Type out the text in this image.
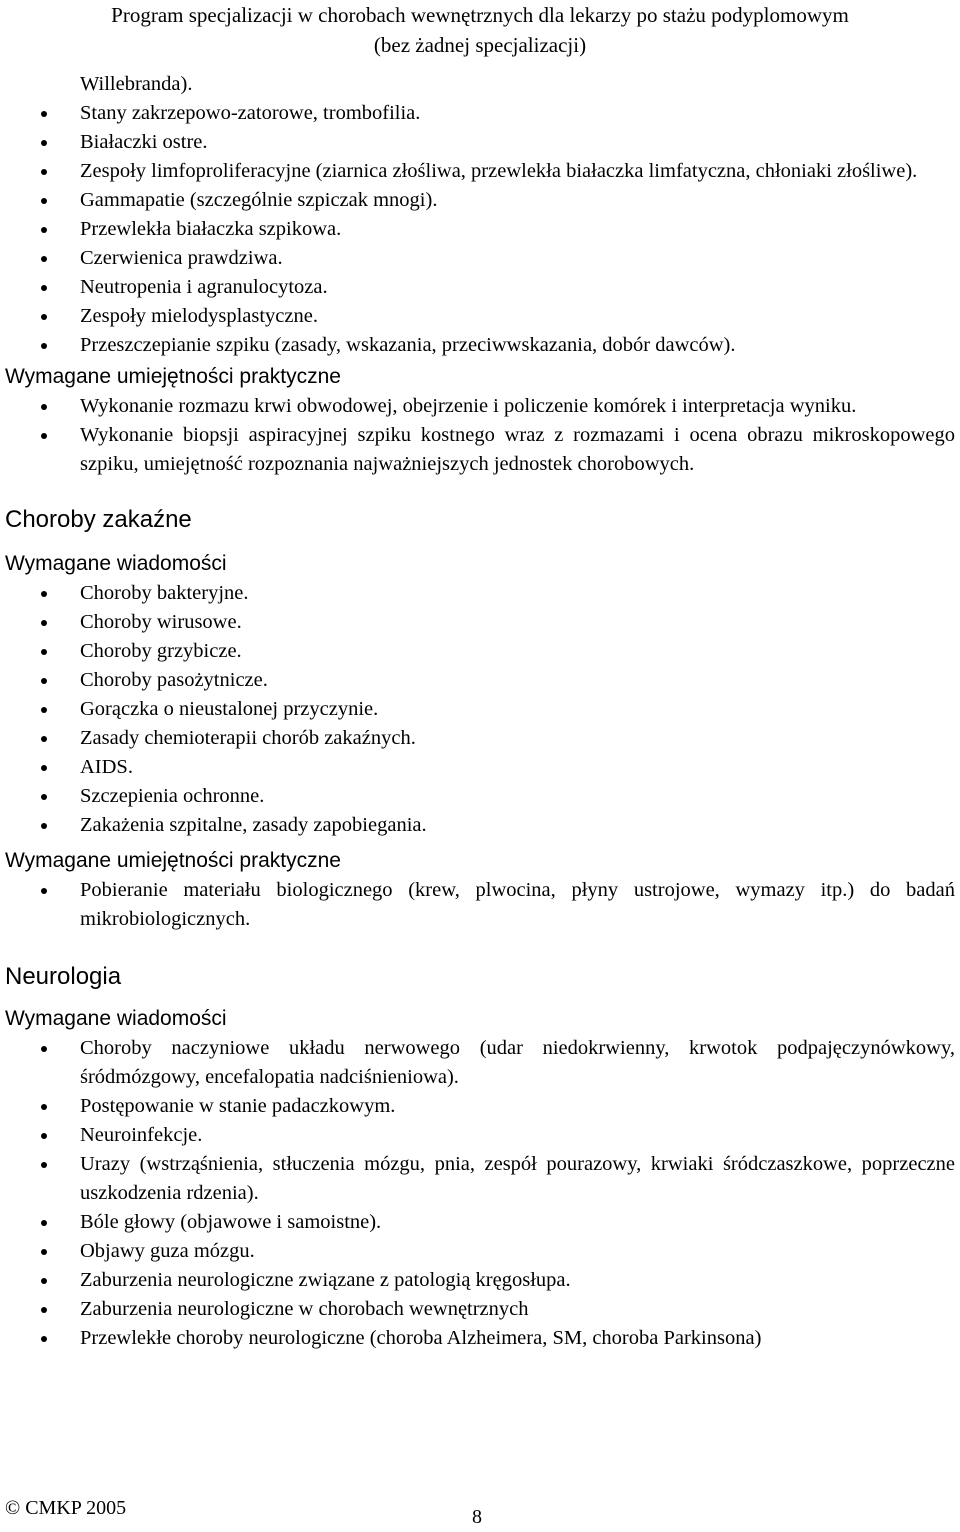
Program specjalizacji w chorobach wewnętrznych dla lekarzy po stażu podyplomowym
(bez żadnej specjalizacji)
Willebranda).
Stany zakrzepowo-zatorowe, trombofilia.
Białaczki ostre.
Zespoły limfoproliferacyjne (ziarnica złośliwa, przewlekła białaczka limfatyczna, chłoniaki złośliwe).
Gammapatie (szczególnie szpiczak mnogi).
Przewlekła białaczka szpikowa.
Czerwienica prawdziwa.
Neutropenia i agranulocytoza.
Zespoły mielodysplastyczne.
Przeszczepianie szpiku (zasady, wskazania, przeciwwskazania, dobór dawców).
Wymagane umiejętności praktyczne
Wykonanie rozmazu krwi obwodowej, obejrzenie i policzenie komórek i interpretacja wyniku.
Wykonanie biopsji aspiracyjnej szpiku kostnego wraz z rozmazami i ocena obrazu mikroskopowego szpiku, umiejętność rozpoznania najważniejszych jednostek chorobowych.
Choroby zakaźne
Wymagane wiadomości
Choroby bakteryjne.
Choroby wirusowe.
Choroby grzybicze.
Choroby pasożytnicze.
Gorączka o nieustalonej przyczynie.
Zasady chemioterapii chorób zakaźnych.
AIDS.
Szczepienia ochronne.
Zakażenia szpitalne, zasady zapobiegania.
Wymagane umiejętności praktyczne
Pobieranie materiału biologicznego (krew, plwocina, płyny ustrojowe, wymazy itp.) do badań mikrobiologicznych.
Neurologia
Wymagane wiadomości
Choroby naczyniowe układu nerwowego (udar niedokrwienny, krwotok podpajęczynówkowy, śródmózgowy, encefalopatia nadciśnieniowa).
Postępowanie w stanie padaczkowym.
Neuroinfekcje.
Urazy (wstrząśnienia, stłuczenia mózgu, pnia, zespół pourazowy, krwiaki śródczaszkowe, poprzeczne uszkodzenia rdzenia).
Bóle głowy (objawowe i samoistne).
Objawy guza mózgu.
Zaburzenia neurologiczne związane z patologią kręgosłupa.
Zaburzenia neurologiczne w chorobach wewnętrznych
Przewlekłe choroby neurologiczne (choroba Alzheimera, SM, choroba Parkinsona)
© CMKP 2005	8
